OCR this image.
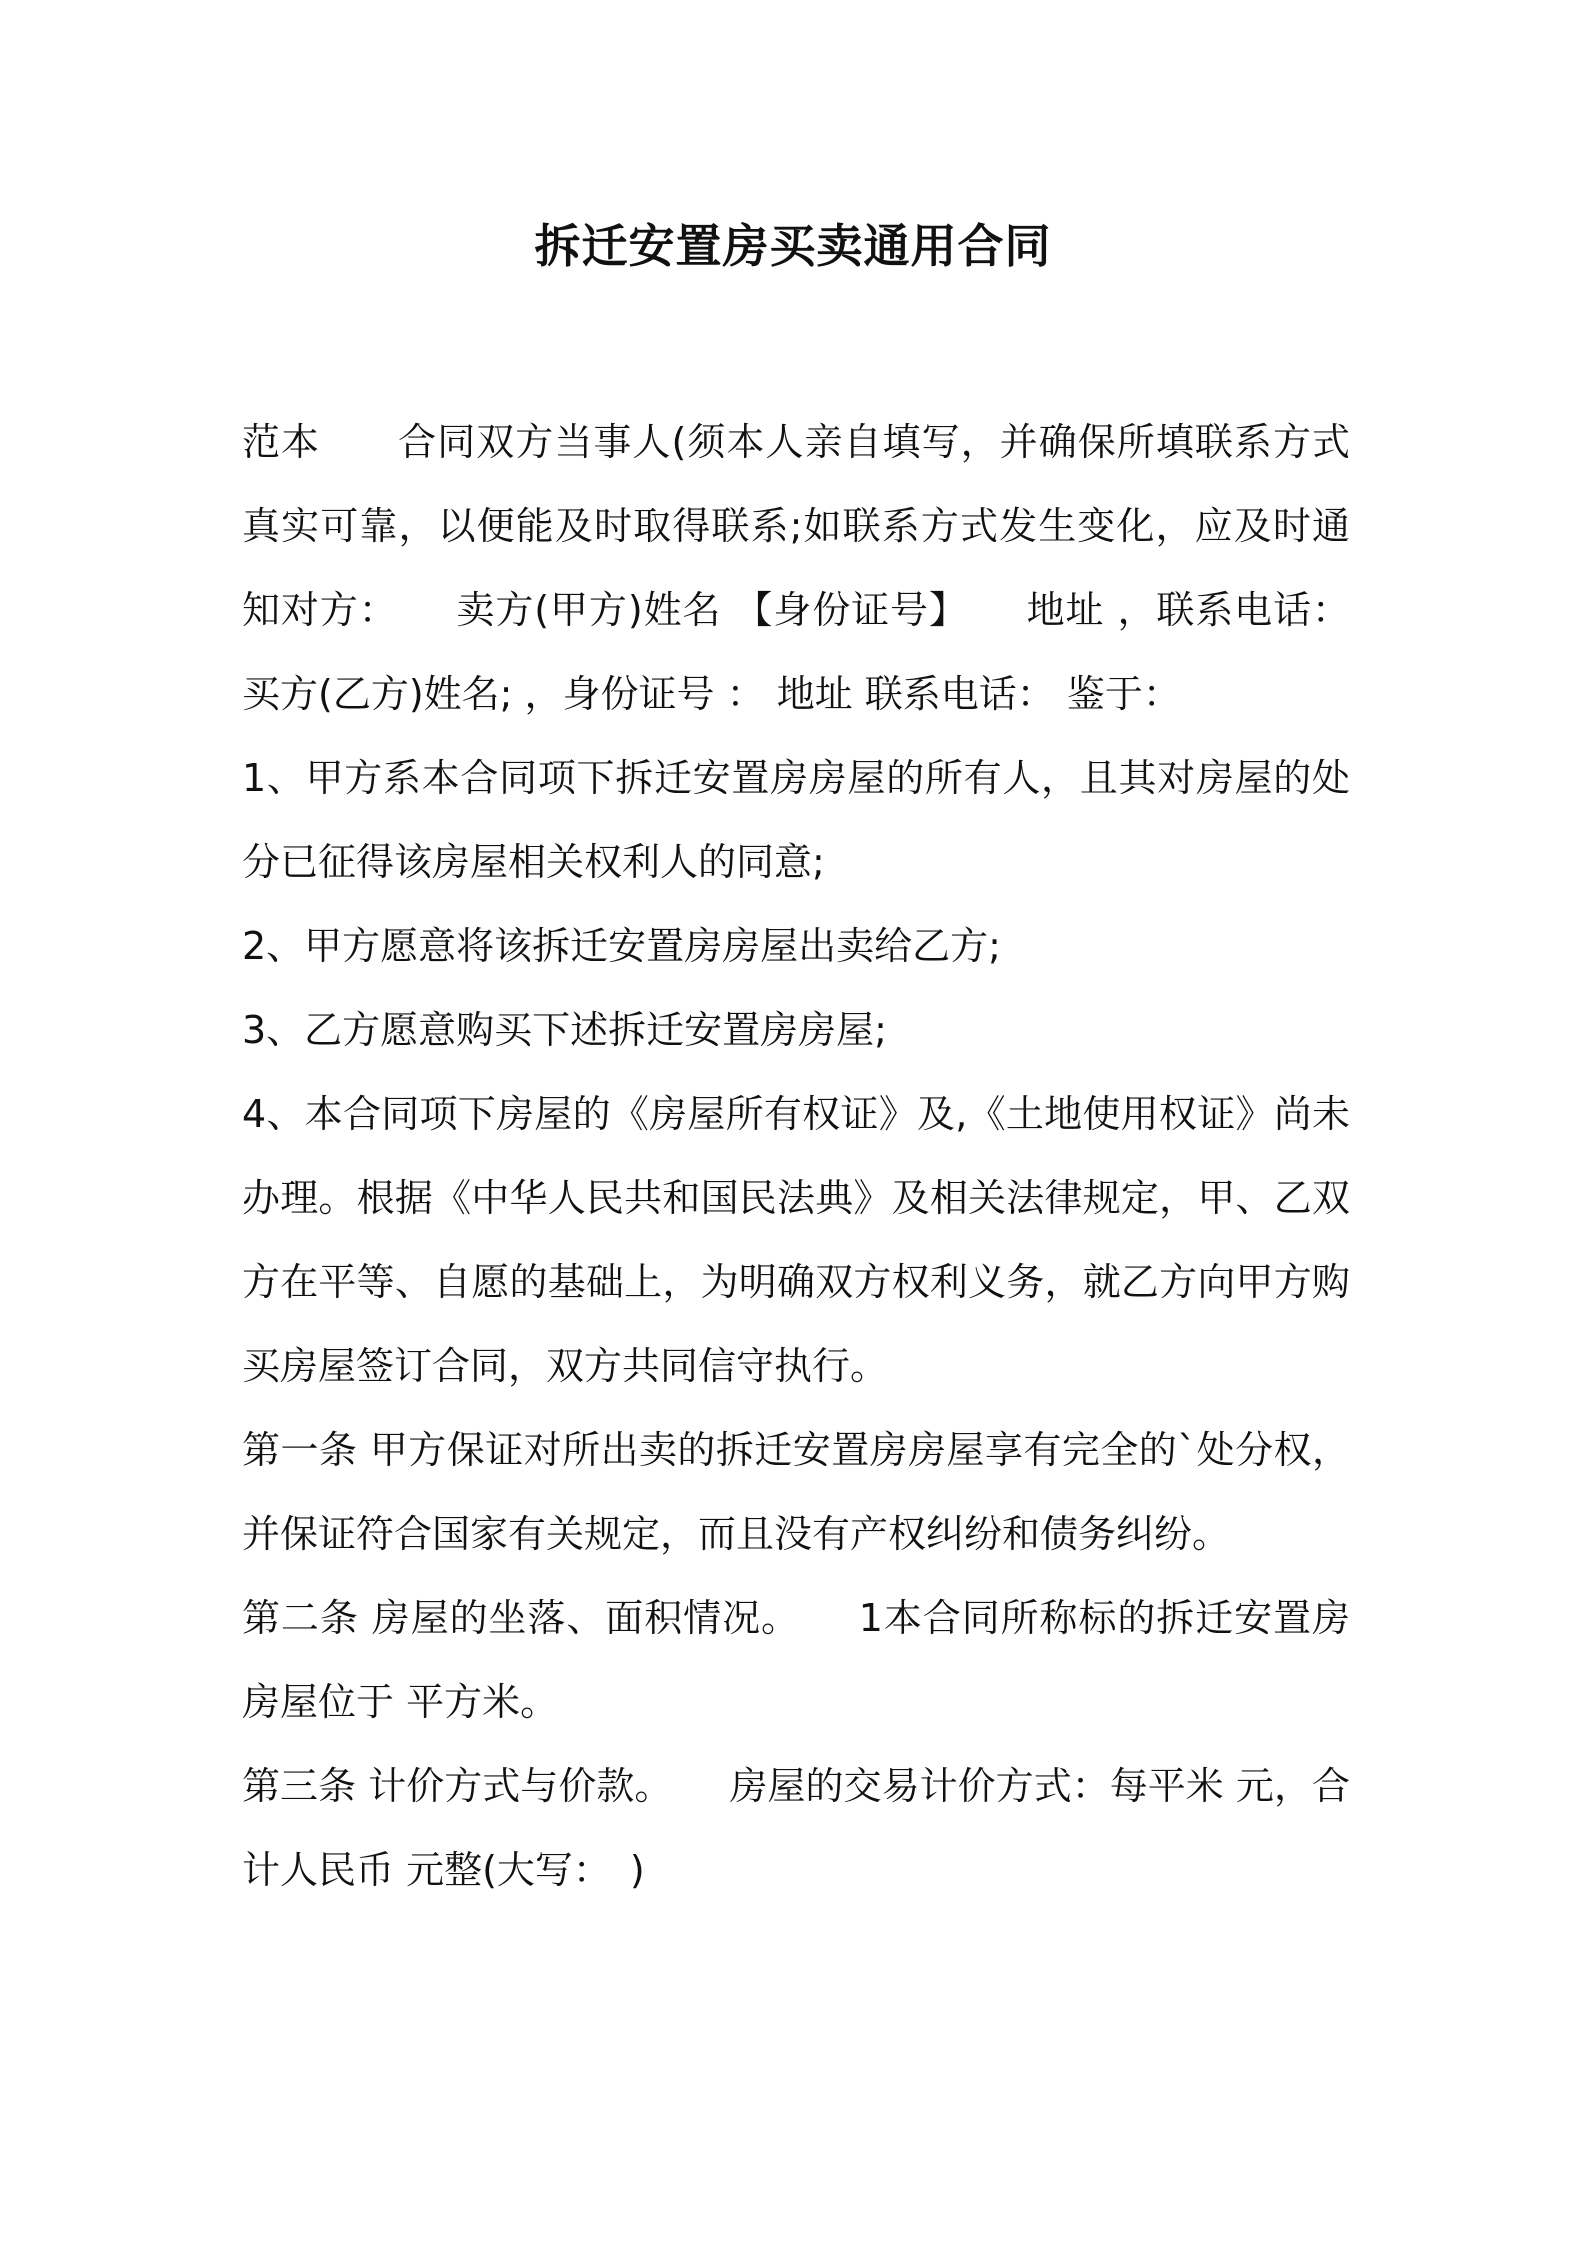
拆迁安置房买卖通用合同

范本　　合同双方当事人(须本人亲自填写，并确保所填联系方式真实可靠，以便能及时取得联系;如联系方式发生变化，应及时通知对方：　　卖方(甲方)姓名 【身份证号】　　地址 ，联系电话： 买方(乙方)姓名; ，身份证号 ： 地址 联系电话： 鉴于：

1、甲方系本合同项下拆迁安置房房屋的所有人，且其对房屋的处分已征得该房屋相关权利人的同意;

2、甲方愿意将该拆迁安置房房屋出卖给乙方;

3、乙方愿意购买下述拆迁安置房房屋;

4、本合同项下房屋的《房屋所有权证》及,《土地使用权证》尚未办理。根据《中华人民共和国民法典》及相关法律规定，甲、乙双方在平等、自愿的基础上，为明确双方权利义务，就乙方向甲方购买房屋签订合同，双方共同信守执行。

第一条 甲方保证对所出卖的拆迁安置房房屋享有完全的`处分权，并保证符合国家有关规定，而且没有产权纠纷和债务纠纷。

第二条 房屋的坐落、面积情况。　　1本合同所称标的拆迁安置房房屋位于 平方米。

第三条 计价方式与价款。　　房屋的交易计价方式：每平米 元，合计人民币 元整(大写：　)
